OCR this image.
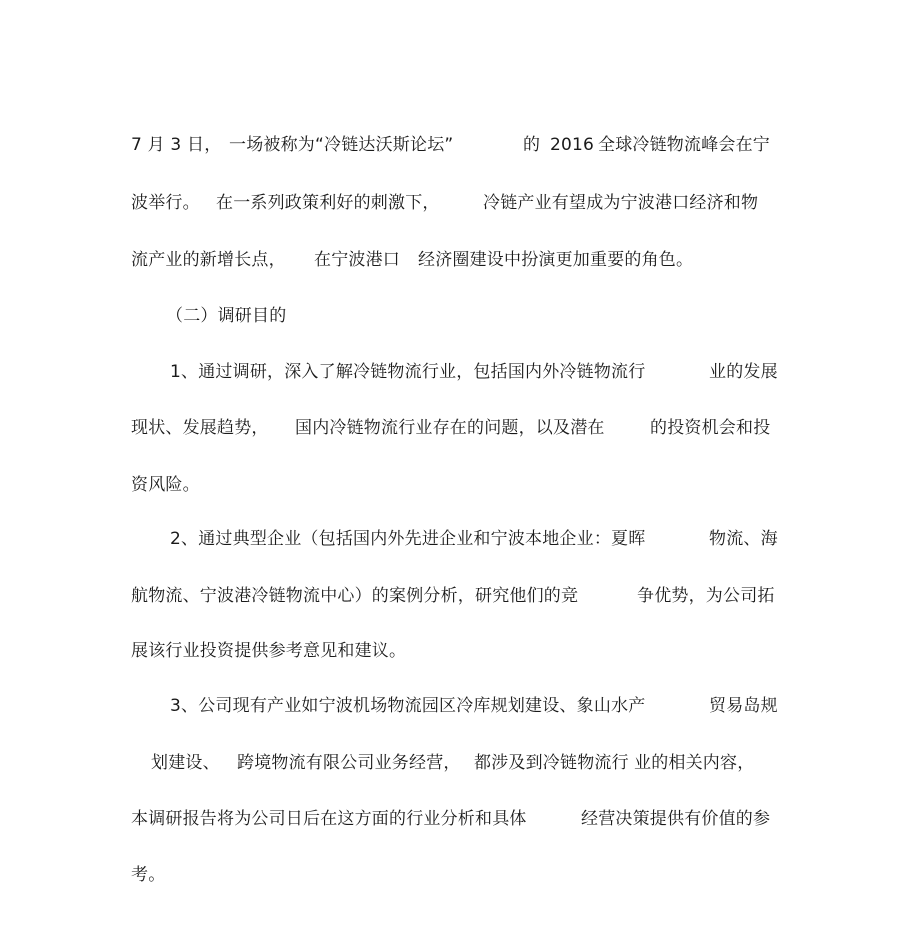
7 月 3 日，

一场被称为“冷链达沃斯论坛”

	的

2016

全球冷链物流峰会在宁

波举行。

在一系列政策利好的刺激下，

	冷链产业有望成为宁波港口经济和物

流产业的新增长点，

在宁波港口

经济圈建设中扮演更加重要的角色。

（二）调研目的

1、通过调研，深入了解冷链物流行业，包括国内外冷链物流行

	业的发展

现状、发展趋势，

国内冷链物流行业存在的问题，以及潜在

	的投资机会和投

资风险。

2、通过典型企业（包括国内外先进企业和宁波本地企业：夏晖

	物流、海

航物流、宁波港冷链物流中心）的案例分析，研究他们的竞

	争优势，为公司拓

展该行业投资提供参考意见和建议。

3、公司现有产业如宁波机场物流园区冷库规划建设、象山水产

	贸易岛规

划建设、

跨境物流有限公司业务经营，

都涉及到冷链物流行

业的相关内容，

本调研报告将为公司日后在这方面的行业分析和具体

	经营决策提供有价值的参

考。
